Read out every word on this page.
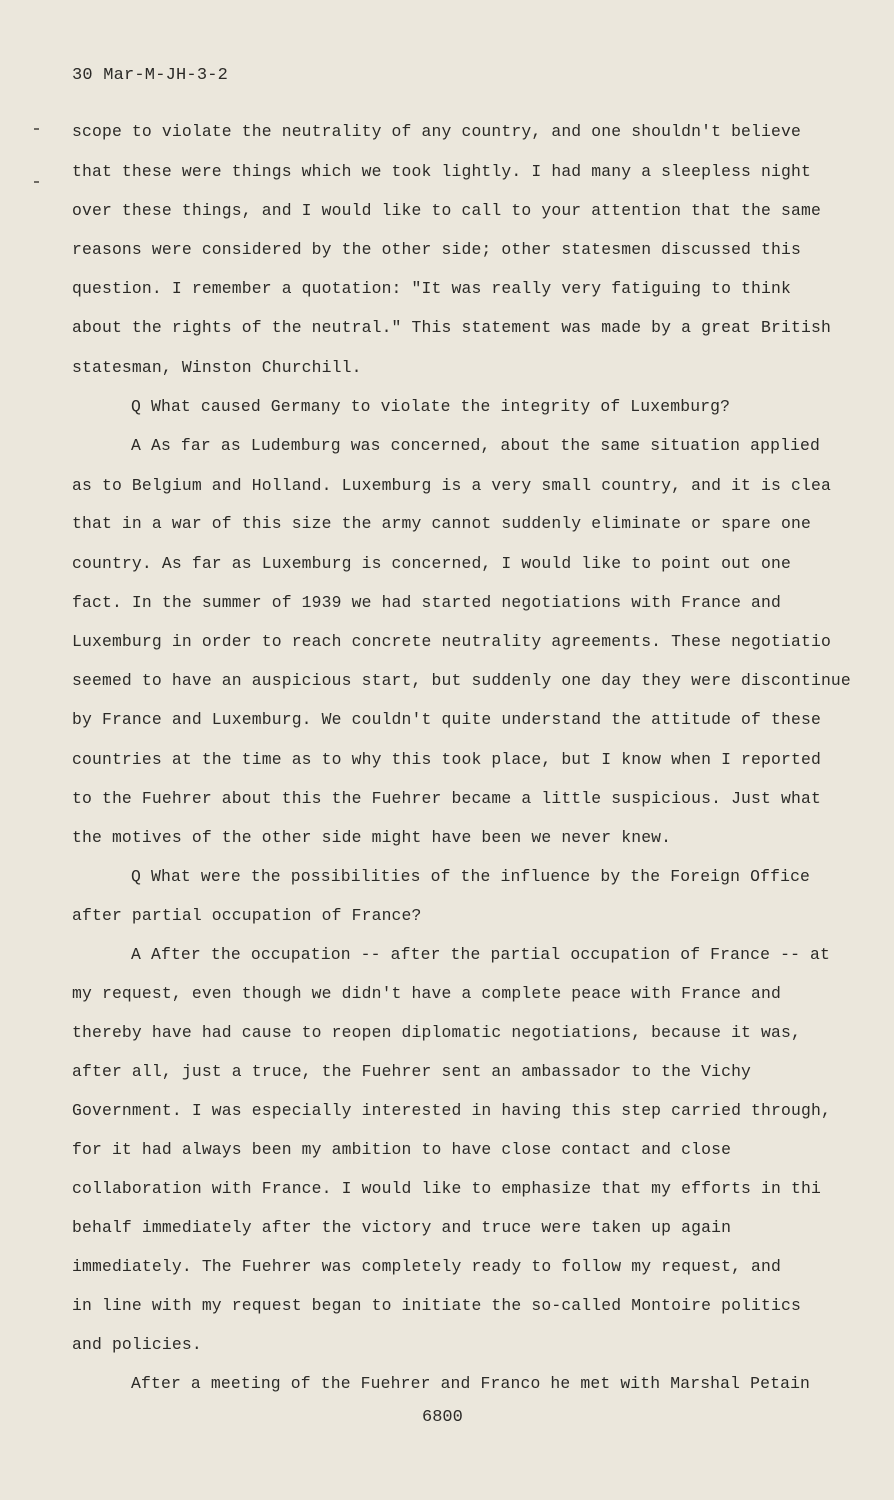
30 Mar-M-JH-3-2
scope to violate the neutrality of any country, and one shouldn't believe
that these were things which we took lightly. I had many a sleepless night
over these things, and I would like to call to your attention that the same
reasons were considered by the other side; other statesmen discussed this
question. I remember a quotation: "It was really very fatiguing to think
about the rights of the neutral." This statement was made by a great British
statesman, Winston Churchill.
Q What caused Germany to violate the integrity of Luxemburg?
A As far as Ludemburg was concerned, about the same situation applied
as to Belgium and Holland. Luxemburg is a very small country, and it is clea
that in a war of this size the army cannot suddenly eliminate or spare one
country. As far as Luxemburg is concerned, I would like to point out one
fact. In the summer of 1939 we had started negotiations with France and
Luxemburg in order to reach concrete neutrality agreements. These negotiatio
seemed to have an auspicious start, but suddenly one day they were discontinue
by France and Luxemburg. We couldn't quite understand the attitude of these
countries at the time as to why this took place, but I know when I reported
to the Fuehrer about this the Fuehrer became a little suspicious. Just what
the motives of the other side might have been we never knew.
Q What were the possibilities of the influence by the Foreign Office
after partial occupation of France?
A After the occupation -- after the partial occupation of France -- at
my request, even though we didn't have a complete peace with France and
thereby have had cause to reopen diplomatic negotiations, because it was,
after all, just a truce, the Fuehrer sent an ambassador to the Vichy
Government. I was especially interested in having this step carried through,
for it had always been my ambition to have close contact and close
collaboration with France. I would like to emphasize that my efforts in thi
behalf immediately after the victory and truce were taken up again
immediately. The Fuehrer was completely ready to follow my request, and
in line with my request began to initiate the so-called Montoire politics
and policies.
After a meeting of the Fuehrer and Franco he met with Marshal Petain
6800
